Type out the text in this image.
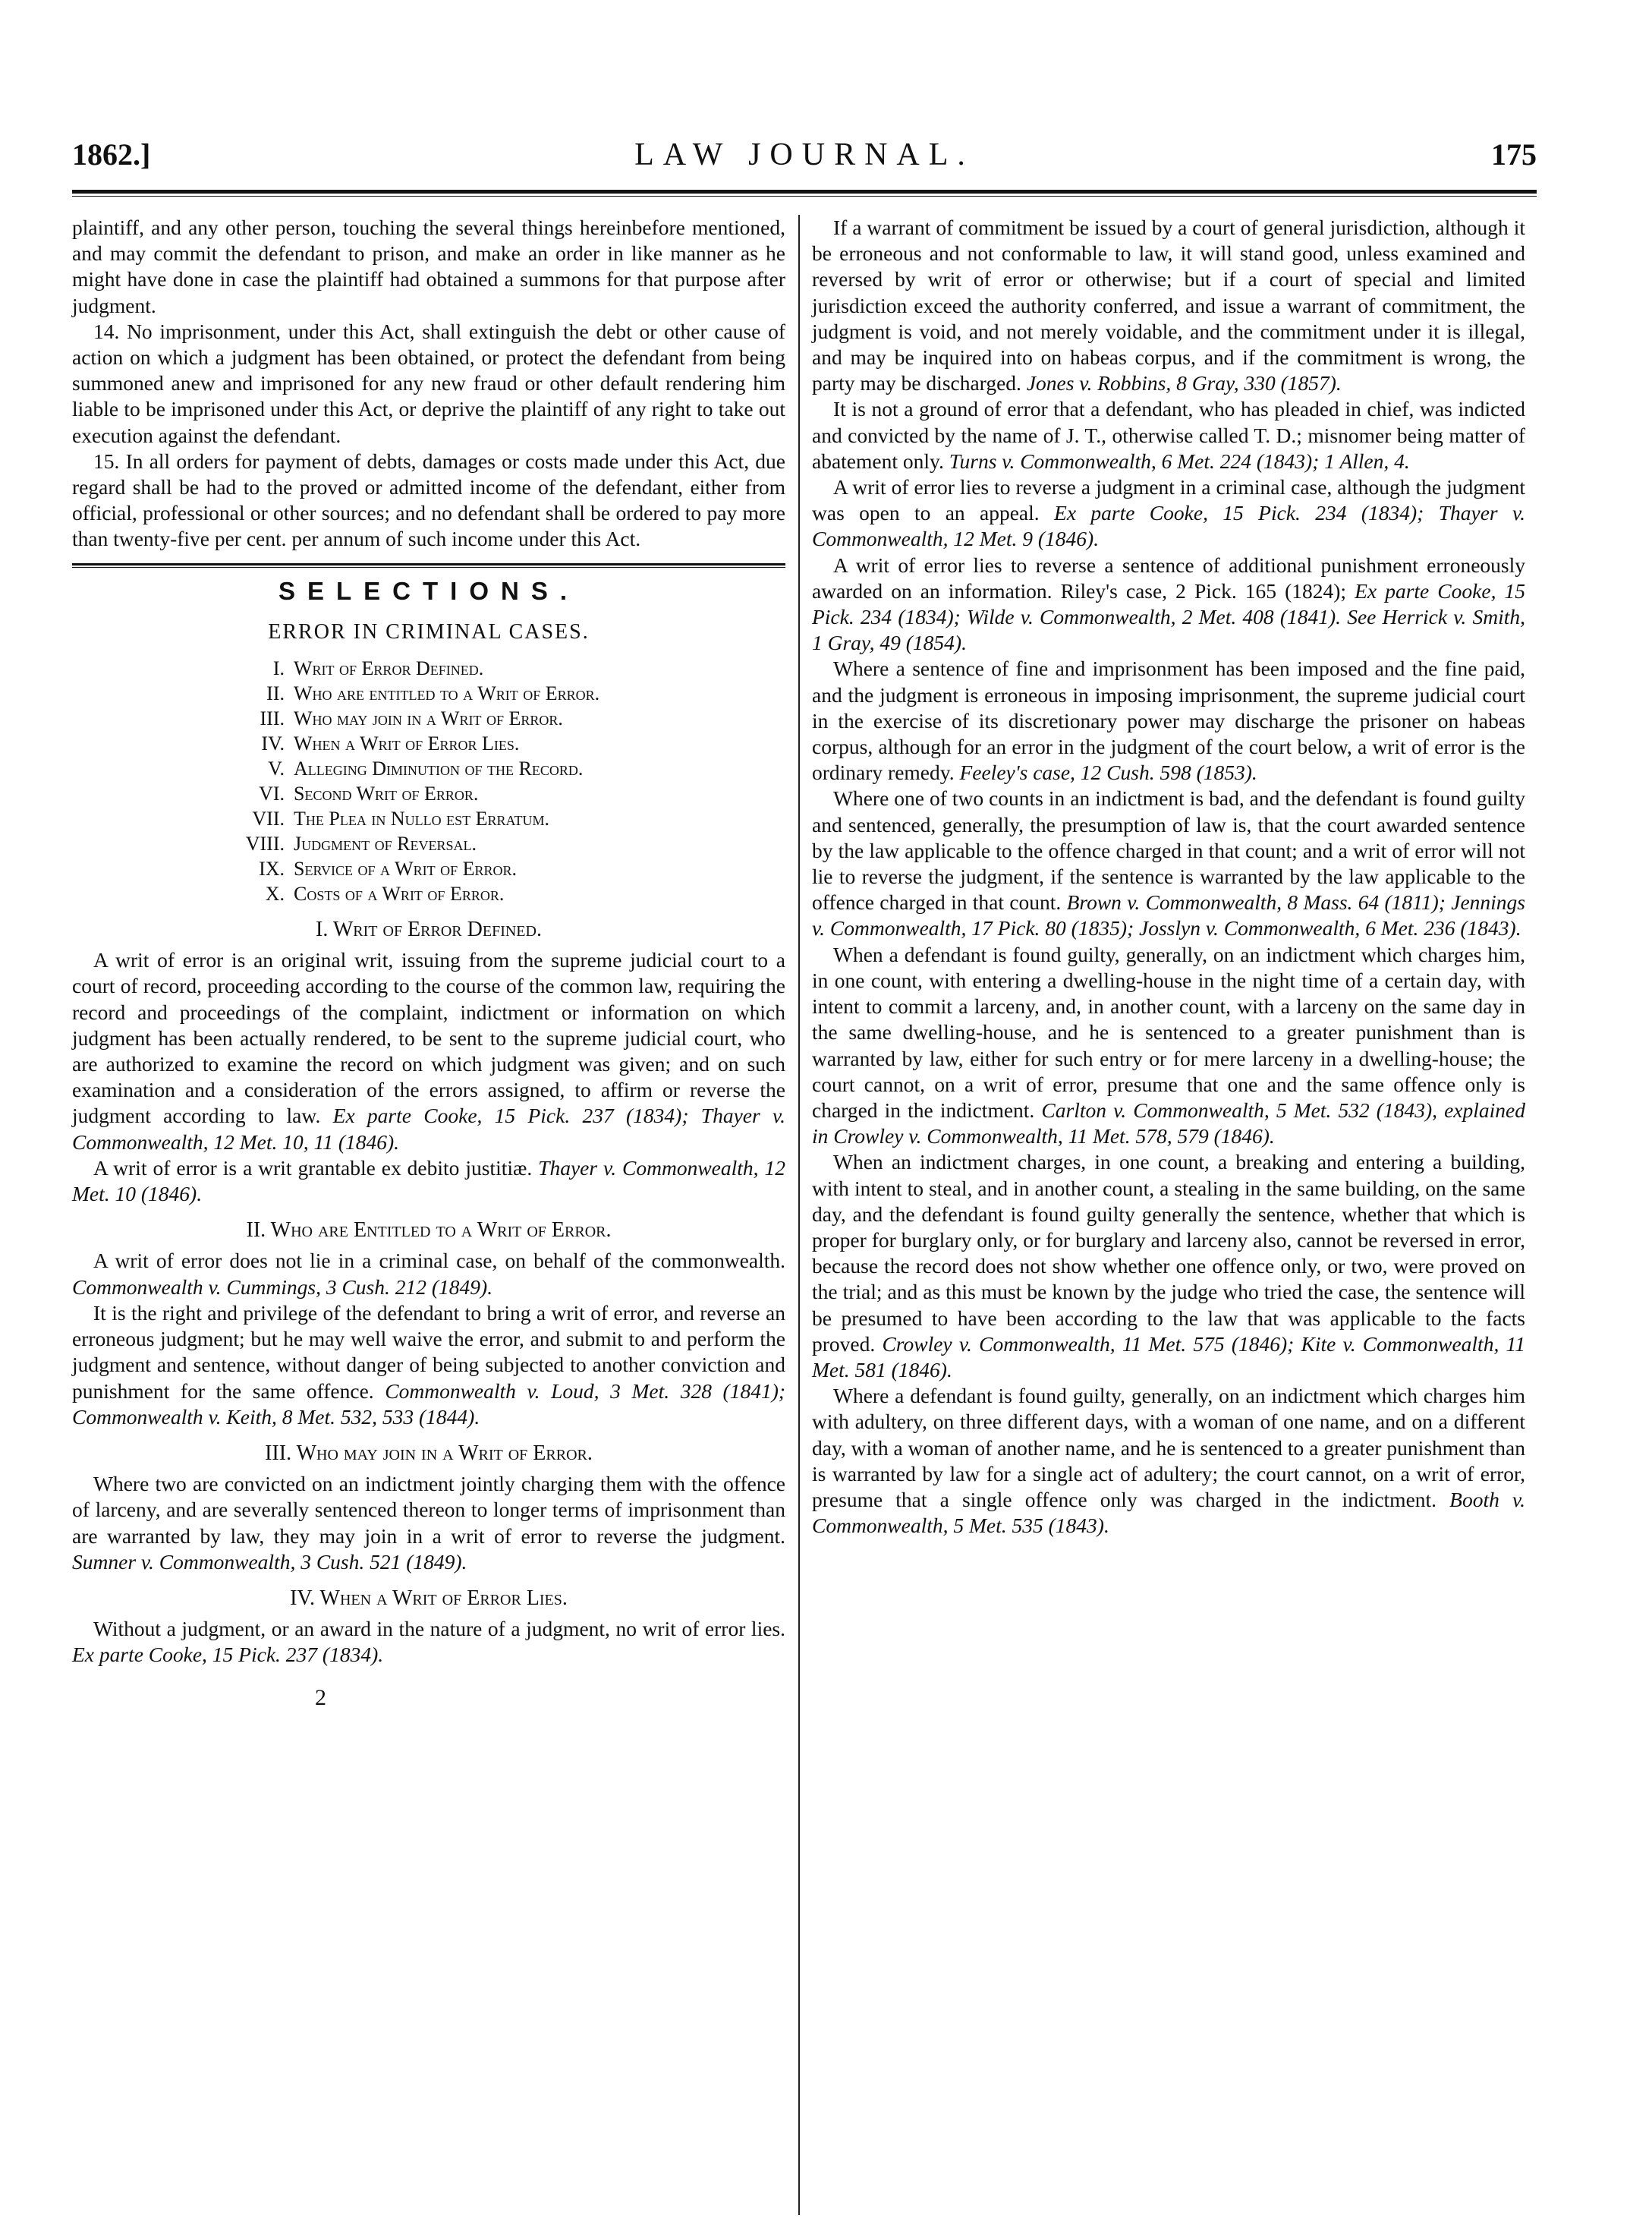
1862.]	LAW JOURNAL.	175

plaintiff, and any other person, touching the several things hereinbefore mentioned, and may commit the defendant to prison, and make an order in like manner as he might have done in case the plaintiff had obtained a summons for that purpose after judgment.

14. No imprisonment, under this Act, shall extinguish the debt or other cause of action on which a judgment has been obtained, or protect the defendant from being summoned anew and imprisoned for any new fraud or other default rendering him liable to be imprisoned under this Act, or deprive the plaintiff of any right to take out execution against the defendant.

15. In all orders for payment of debts, damages or costs made under this Act, due regard shall be had to the proved or admitted income of the defendant, either from official, professional or other sources; and no defendant shall be ordered to pay more than twenty-five per cent. per annum of such income under this Act.

SELECTIONS.
ERROR IN CRIMINAL CASES.
I. Writ of Error Defined.
II. Who are entitled to a Writ of Error.
III. Who may join in a Writ of Error.
IV. When a Writ of Error Lies.
V. Alleging Diminution of the Record.
VI. Second Writ of Error.
VII. The Plea in Nullo est Erratum.
VIII. Judgment of Reversal.
IX. Service of a Writ of Error.
X. Costs of a Writ of Error.
I. Writ of Error Defined.

A writ of error is an original writ, issuing from the supreme judicial court to a court of record, proceeding according to the course of the common law, requiring the record and proceedings of the complaint, indictment or information on which judgment has been actually rendered, to be sent to the supreme judicial court, who are authorized to examine the record on which judgment was given; and on such examination and a consideration of the errors assigned, to affirm or reverse the judgment according to law. Ex parte Cooke, 15 Pick. 237 (1834); Thayer v. Commonwealth, 12 Met. 10, 11 (1846).

A writ of error is a writ grantable ex debito justitiæ. Thayer v. Commonwealth, 12 Met. 10 (1846).

II. Who are Entitled to a Writ of Error.

A writ of error does not lie in a criminal case, on behalf of the commonwealth. Commonwealth v. Cummings, 3 Cush. 212 (1849).

It is the right and privilege of the defendant to bring a writ of error, and reverse an erroneous judgment; but he may well waive the error, and submit to and perform the judgment and sentence, without danger of being subjected to another conviction and punishment for the same offence. Commonwealth v. Loud, 3 Met. 328 (1841); Commonwealth v. Keith, 8 Met. 532, 533 (1844).

III. Who may join in a Writ of Error.

Where two are convicted on an indictment jointly charging them with the offence of larceny, and are severally sentenced thereon to longer terms of imprisonment than are warranted by law, they may join in a writ of error to reverse the judgment. Sumner v. Commonwealth, 3 Cush. 521 (1849).

IV. When a Writ of Error Lies.

Without a judgment, or an award in the nature of a judgment, no writ of error lies. Ex parte Cooke, 15 Pick. 237 (1834).

2

If a warrant of commitment be issued by a court of general jurisdiction, although it be erroneous and not conformable to law, it will stand good, unless examined and reversed by writ of error or otherwise; but if a court of special and limited jurisdiction exceed the authority conferred, and issue a warrant of commitment, the judgment is void, and not merely voidable, and the commitment under it is illegal, and may be inquired into on habeas corpus, and if the commitment is wrong, the party may be discharged. Jones v. Robbins, 8 Gray, 330 (1857).

It is not a ground of error that a defendant, who has pleaded in chief, was indicted and convicted by the name of J. T., otherwise called T. D.; misnomer being matter of abatement only. Turns v. Commonwealth, 6 Met. 224 (1843); 1 Allen, 4.

A writ of error lies to reverse a judgment in a criminal case, although the judgment was open to an appeal. Ex parte Cooke, 15 Pick. 234 (1834); Thayer v. Commonwealth, 12 Met. 9 (1846).

A writ of error lies to reverse a sentence of additional punishment erroneously awarded on an information. Riley's case, 2 Pick. 165 (1824); Ex parte Cooke, 15 Pick. 234 (1834); Wilde v. Commonwealth, 2 Met. 408 (1841). See Herrick v. Smith, 1 Gray, 49 (1854).

Where a sentence of fine and imprisonment has been imposed and the fine paid, and the judgment is erroneous in imposing imprisonment, the supreme judicial court in the exercise of its discretionary power may discharge the prisoner on habeas corpus, although for an error in the judgment of the court below, a writ of error is the ordinary remedy. Feeley's case, 12 Cush. 598 (1853).

Where one of two counts in an indictment is bad, and the defendant is found guilty and sentenced, generally, the presumption of law is, that the court awarded sentence by the law applicable to the offence charged in that count; and a writ of error will not lie to reverse the judgment, if the sentence is warranted by the law applicable to the offence charged in that count. Brown v. Commonwealth, 8 Mass. 64 (1811); Jennings v. Commonwealth, 17 Pick. 80 (1835); Josslyn v. Commonwealth, 6 Met. 236 (1843).

When a defendant is found guilty, generally, on an indictment which charges him, in one count, with entering a dwelling-house in the night time of a certain day, with intent to commit a larceny, and, in another count, with a larceny on the same day in the same dwelling-house, and he is sentenced to a greater punishment than is warranted by law, either for such entry or for mere larceny in a dwelling-house; the court cannot, on a writ of error, presume that one and the same offence only is charged in the indictment. Carlton v. Commonwealth, 5 Met. 532 (1843), explained in Crowley v. Commonwealth, 11 Met. 578, 579 (1846).

When an indictment charges, in one count, a breaking and entering a building, with intent to steal, and in another count, a stealing in the same building, on the same day, and the defendant is found guilty generally the sentence, whether that which is proper for burglary only, or for burglary and larceny also, cannot be reversed in error, because the record does not show whether one offence only, or two, were proved on the trial; and as this must be known by the judge who tried the case, the sentence will be presumed to have been according to the law that was applicable to the facts proved. Crowley v. Commonwealth, 11 Met. 575 (1846); Kite v. Commonwealth, 11 Met. 581 (1846).

Where a defendant is found guilty, generally, on an indictment which charges him with adultery, on three different days, with a woman of one name, and on a different day, with a woman of another name, and he is sentenced to a greater punishment than is warranted by law for a single act of adultery; the court cannot, on a writ of error, presume that a single offence only was charged in the indictment. Booth v. Commonwealth, 5 Met. 535 (1843).
